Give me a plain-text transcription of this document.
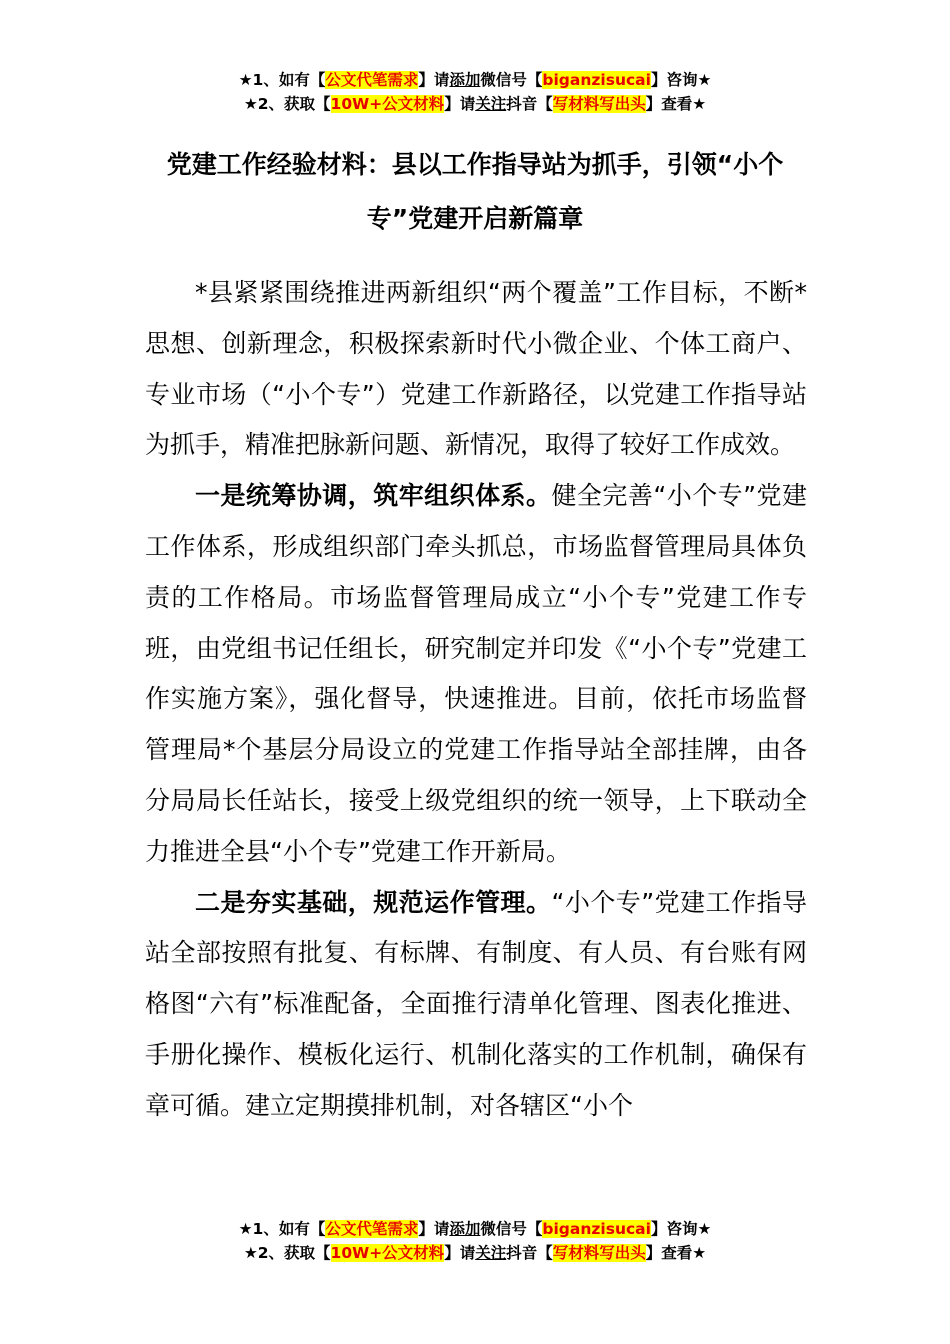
★1、如有【公文代笔需求】请添加微信号【biganzisucai】咨询★
★2、获取【10W+公文材料】请关注抖音【写材料写出头】查看★
党建工作经验材料：县以工作指导站为抓手，引领“小个专”党建开启新篇章

*县紧紧围绕推进两新组织“两个覆盖”工作目标，不断*思想、创新理念，积极探索新时代小微企业、个体工商户、专业市场（“小个专”）党建工作新路径，以党建工作指导站为抓手，精准把脉新问题、新情况，取得了较好工作成效。

一是统筹协调，筑牢组织体系。健全完善“小个专”党建工作体系，形成组织部门牵头抓总，市场监督管理局具体负责的工作格局。市场监督管理局成立“小个专”党建工作专班，由党组书记任组长，研究制定并印发《“小个专”党建工作实施方案》，强化督导，快速推进。目前，依托市场监督管理局*个基层分局设立的党建工作指导站全部挂牌，由各分局局长任站长，接受上级党组织的统一领导，上下联动全力推进全县“小个专”党建工作开新局。

二是夯实基础，规范运作管理。“小个专”党建工作指导站全部按照有批复、有标牌、有制度、有人员、有台账有网格图“六有”标准配备，全面推行清单化管理、图表化推进、手册化操作、模板化运行、机制化落实的工作机制，确保有章可循。建立定期摸排机制，对各辖区“小个

★1、如有【公文代笔需求】请添加微信号【biganzisucai】咨询★
★2、获取【10W+公文材料】请关注抖音【写材料写出头】查看★
